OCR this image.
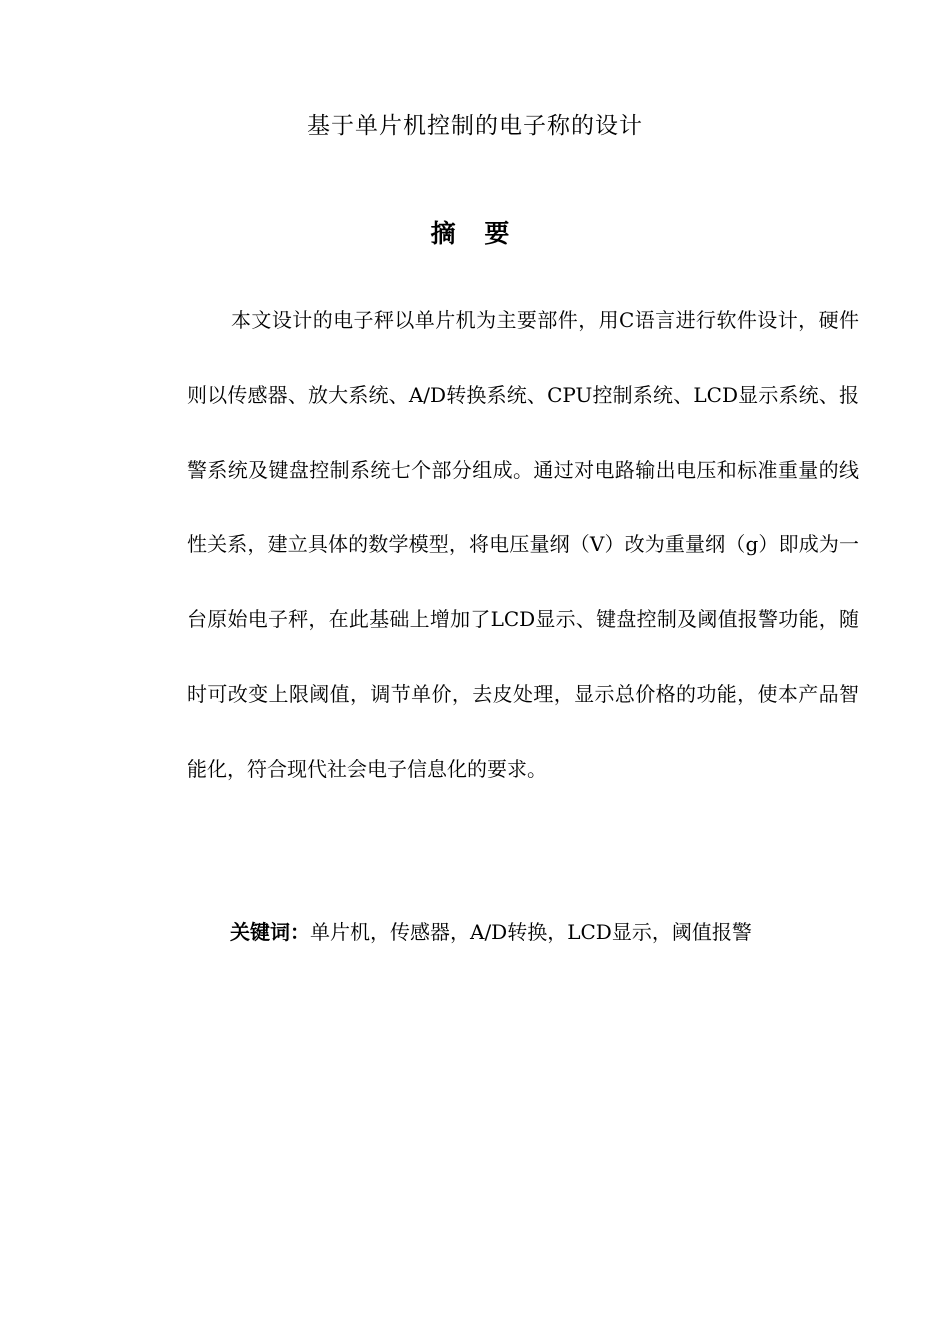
基于单片机控制的电子称的设计
摘 要

本文设计的电子秤以单片机为主要部件，用C语言进行软件设计，硬件则以传感器、放大系统、A/D转换系统、CPU控制系统、LCD显示系统、报警系统及键盘控制系统七个部分组成。通过对电路输出电压和标准重量的线性关系，建立具体的数学模型，将电压量纲（V）改为重量纲（g）即成为一台原始电子秤，在此基础上增加了LCD显示、键盘控制及阈值报警功能，随时可改变上限阈值，调节单价，去皮处理，显示总价格的功能，使本产品智能化，符合现代社会电子信息化的要求。

关键词：单片机，传感器，A/D转换，LCD显示，阈值报警
